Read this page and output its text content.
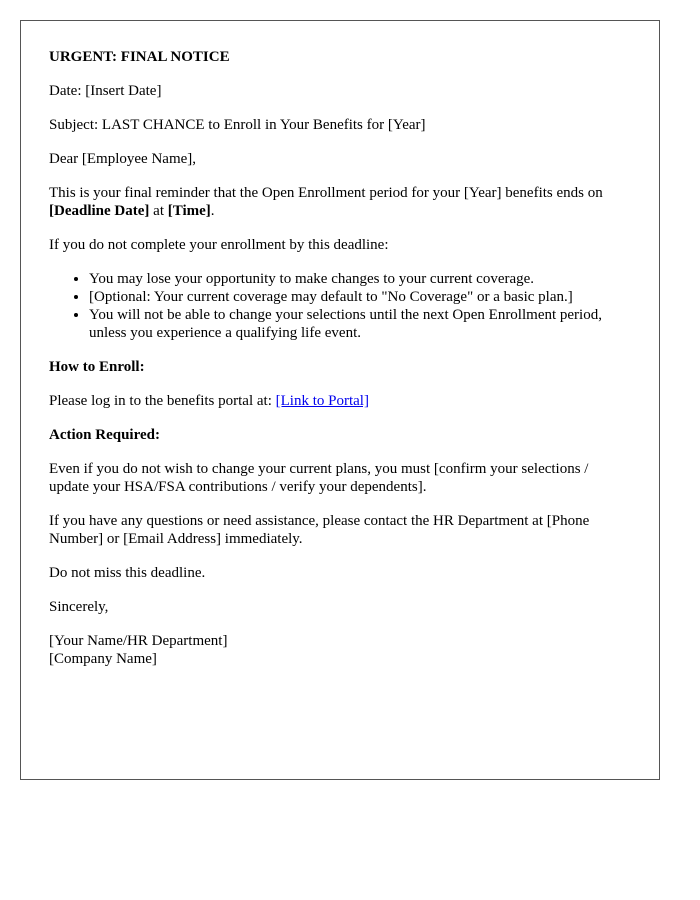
URGENT: FINAL NOTICE

Date: [Insert Date]

Subject: LAST CHANCE to Enroll in Your Benefits for [Year]

Dear [Employee Name],

This is your final reminder that the Open Enrollment period for your [Year] benefits ends on [Deadline Date] at [Time].

If you do not complete your enrollment by this deadline:

• You may lose your opportunity to make changes to your current coverage.
• [Optional: Your current coverage may default to "No Coverage" or a basic plan.]
• You will not be able to change your selections until the next Open Enrollment period, unless you experience a qualifying life event.

How to Enroll:

Please log in to the benefits portal at: [Link to Portal]

Action Required:

Even if you do not wish to change your current plans, you must [confirm your selections / update your HSA/FSA contributions / verify your dependents].

If you have any questions or need assistance, please contact the HR Department at [Phone Number] or [Email Address] immediately.

Do not miss this deadline.

Sincerely,

[Your Name/HR Department]
[Company Name]
